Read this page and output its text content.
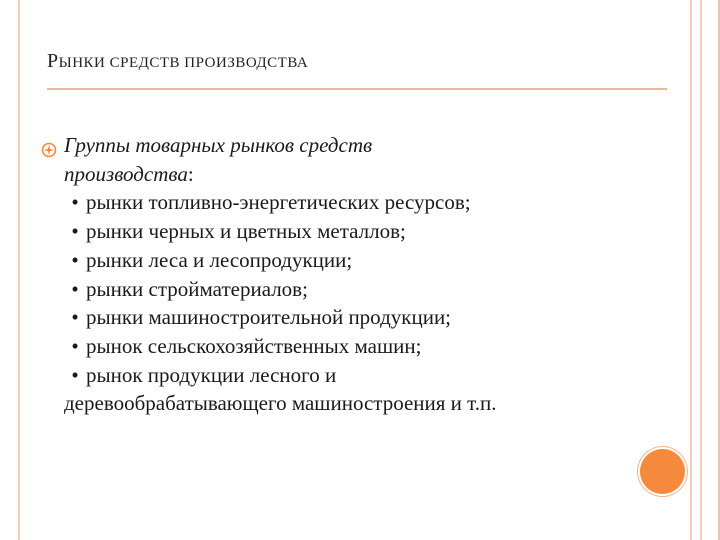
РЫНКИ СРЕДСТВ ПРОИЗВОДСТВА
Группы товарных рынков средств
производства:
• рынки топливно-энергетических ресурсов;
• рынки черных и цветных металлов;
• рынки леса и лесопродукции;
• рынки стройматериалов;
• рынки машиностроительной продукции;
• рынок сельскохозяйственных машин;
• рынок продукции лесного и
деревообрабатывающего машиностроения и т.п.
